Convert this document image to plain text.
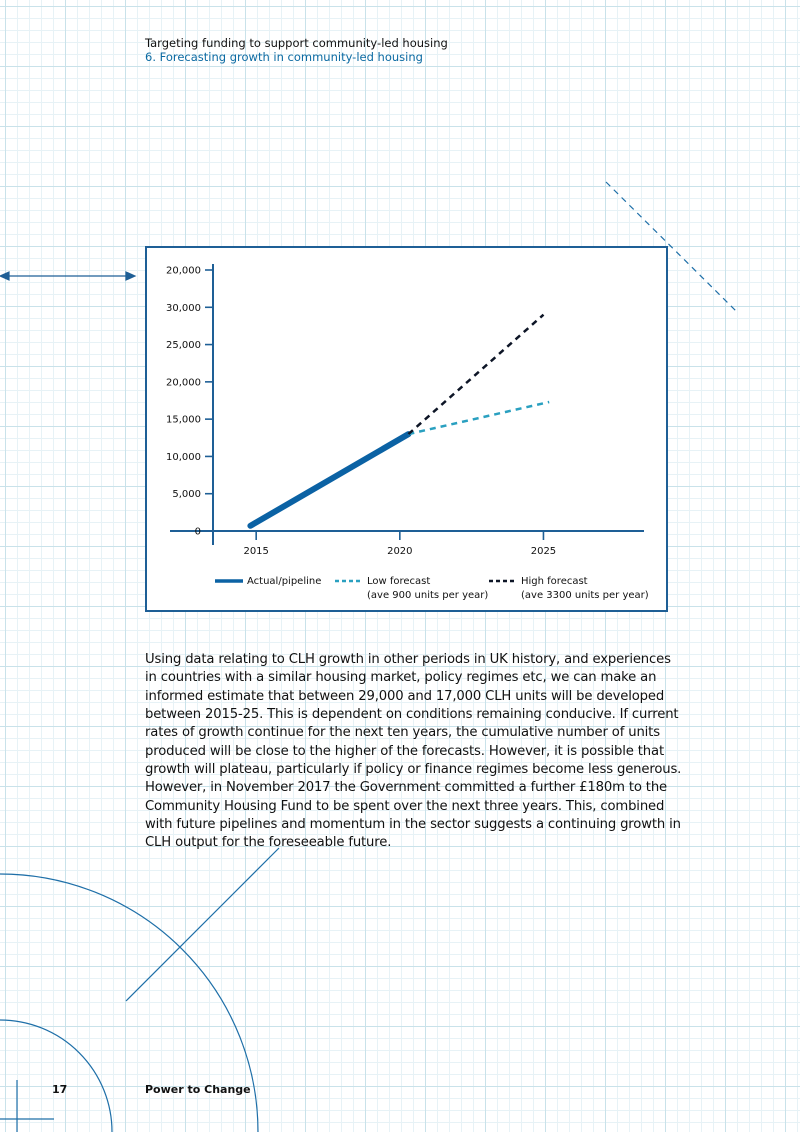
Targeting funding to support community-led housing
6. Forecasting growth in community-led housing
0
5,000
10,000
15,000
20,000
25,000
30,000
20,000
2015	2020	2025
Actual/pipeline	Low forecast
(ave 900 units per year)
High forecast
(ave 3300 units per year)

Using data relating to CLH growth in other periods in UK history, and experiences in countries with a similar housing market, policy regimes etc, we can make an informed estimate that between 29,000 and 17,000 CLH units will be developed between 2015-25. This is dependent on conditions remaining conducive. If current rates of growth continue for the next ten years, the cumulative number of units produced will be close to the higher of the forecasts. However, it is possible that growth will plateau, particularly if policy or finance regimes become less generous. However, in November 2017 the Government committed a further £180m to the Community Housing Fund to be spent over the next three years. This, combined with future pipelines and momentum in the sector suggests a continuing growth in CLH output for the foreseeable future.

17	Power to Change
